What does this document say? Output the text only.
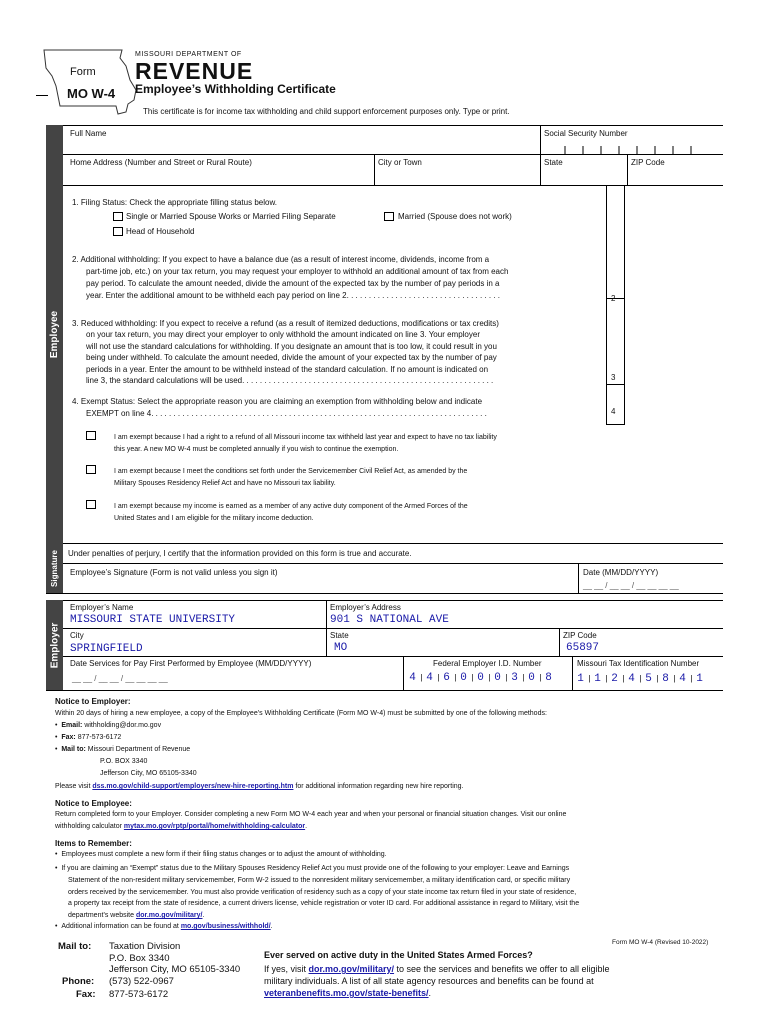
Form
MO W-4
MISSOURI DEPARTMENT OF
REVENUE
Employee’s Withholding Certificate
This certificate is for income tax withholding and child support enforcement purposes only. Type or print.
Employee
Full Name	Social Security Number
Home Address (Number and Street or Rural Route)	City or Town	State	ZIP Code
1. Filing Status: Check the appropriate filling status below.
Single or Married Spouse Works or Married Filing Separate	Married (Spouse does not work)
Head of Household
2. Additional withholding: If you expect to have a balance due (as a result of interest income, dividends, income from a
part-time job, etc.) on your tax return, you may request your employer to withhold an additional amount of tax from each
pay period. To calculate the amount needed, divide the amount of the expected tax by the number of pay periods in a
year. Enter the additional amount to be withheld each pay period on line 2. . . . . . . . . . . . . . . . . . . . . . . . . . . . . . . . . . .	2
3. Reduced withholding: If you expect to receive a refund (as a result of itemized deductions, modifications or tax credits)
on your tax return, you may direct your employer to only withhold the amount indicated on line 3. Your employer
will not use the standard calculations for withholding. If you designate an amount that is too low, it could result in you
being under withheld. To calculate the amount needed, divide the amount of your expected tax by the number of pay
periods in a year. Enter the amount to be withheld instead of the standard calculation. If no amount is indicated on
line 3, the standard calculations will be used. . . . . . . . . . . . . . . . . . . . . . . . . . . . . . . . . . . . . . . . . . . . . . . . . . . . . . . . .	3
4. Exempt Status: Select the appropriate reason you are claiming an exemption from withholding below and indicate
EXEMPT on line 4. . . . . . . . . . . . . . . . . . . . . . . . . . . . . . . . . . . . . . . . . . . . . . . . . . . . . . . . . . . . . . . . . . . . . . . . . . . .	4
I am exempt because I had a right to a refund of all Missouri income tax withheld last year and expect to have no tax liability
this year. A new MO W-4 must be completed annually if you wish to continue the exemption.
I am exempt because I meet the conditions set forth under the Servicemember Civil Relief Act, as amended by the
Military Spouses Residency Relief Act and have no Missouri tax liability.
I am exempt because my income is earned as a member of any active duty component of the Armed Forces of the
United States and I am eligible for the military income deduction.
Signature Under penalties of perjury, I certify that the information provided on this form is true and accurate.
Employee’s Signature (Form is not valid unless you sign it)	Date (MM/DD/YYYY)
__ __ / __ __ / __ __ __ __
Employer
Employer’s Name
MISSOURI STATE UNIVERSITY
Employer’s Address
901 S NATIONAL AVE
City
SPRINGFIELD
State
MO
ZIP Code
65897
Date Services for Pay First Performed by Employee (MM/DD/YYYY)
__ __ / __ __ / __ __ __ __
Federal Employer I.D. Number
4 | 4 | 6 | 0 | 0 | 0 | 3 | 0 | 8
Missouri Tax Identification Number
1 | 1 | 2 | 4 | 5 | 8 | 4 | 1
Notice to Employer:
Within 20 days of hiring a new employee, a copy of the Employee’s Withholding Certificate (Form MO W-4) must be submitted by one of the following methods:
•  Email: withholding@dor.mo.gov
•  Fax: 877-573-6172
•  Mail to: Missouri Department of Revenue
P.O. BOX 3340
Jefferson City, MO 65105-3340
Please visit dss.mo.gov/child-support/employers/new-hire-reporting.htm for additional information regarding new hire reporting.
Notice to Employee:
Return completed form to your Employer. Consider completing a new Form MO W-4 each year and when your personal or financial situation changes. Visit our online
withholding calculator mytax.mo.gov/rptp/portal/home/withholding-calculator.
Items to Remember:
•  Employees must complete a new form if their filing status changes or to adjust the amount of withholding.
•  If you are claiming an “Exempt” status due to the Military Spouses Residency Relief Act you must provide one of the following to your employer: Leave and Earnings
Statement of the non-resident military servicemember, Form W-2 issued to the nonresident military servicemember, a military identification card, or specific military
orders received by the servicemember. You must also provide verification of residency such as a copy of your state income tax return filed in your state of residence,
a property tax receipt from the state of residence, a current drivers license, vehicle registration or voter ID card. For additional assistance in regard to Military, visit the
department’s website dor.mo.gov/military/.
•  Additional information can be found at mo.gov/business/withhold/.
Mail to: Taxation Division
P.O. Box 3340
Jefferson City, MO 65105-3340
Phone: (573) 522-0967
Fax: 877-573-6172
Form MO W-4 (Revised 10-2022)
Ever served on active duty in the United States Armed Forces?
If yes, visit dor.mo.gov/military/ to see the services and benefits we offer to all eligible
military individuals. A list of all state agency resources and benefits can be found at
veteranbenefits.mo.gov/state-benefits/.
